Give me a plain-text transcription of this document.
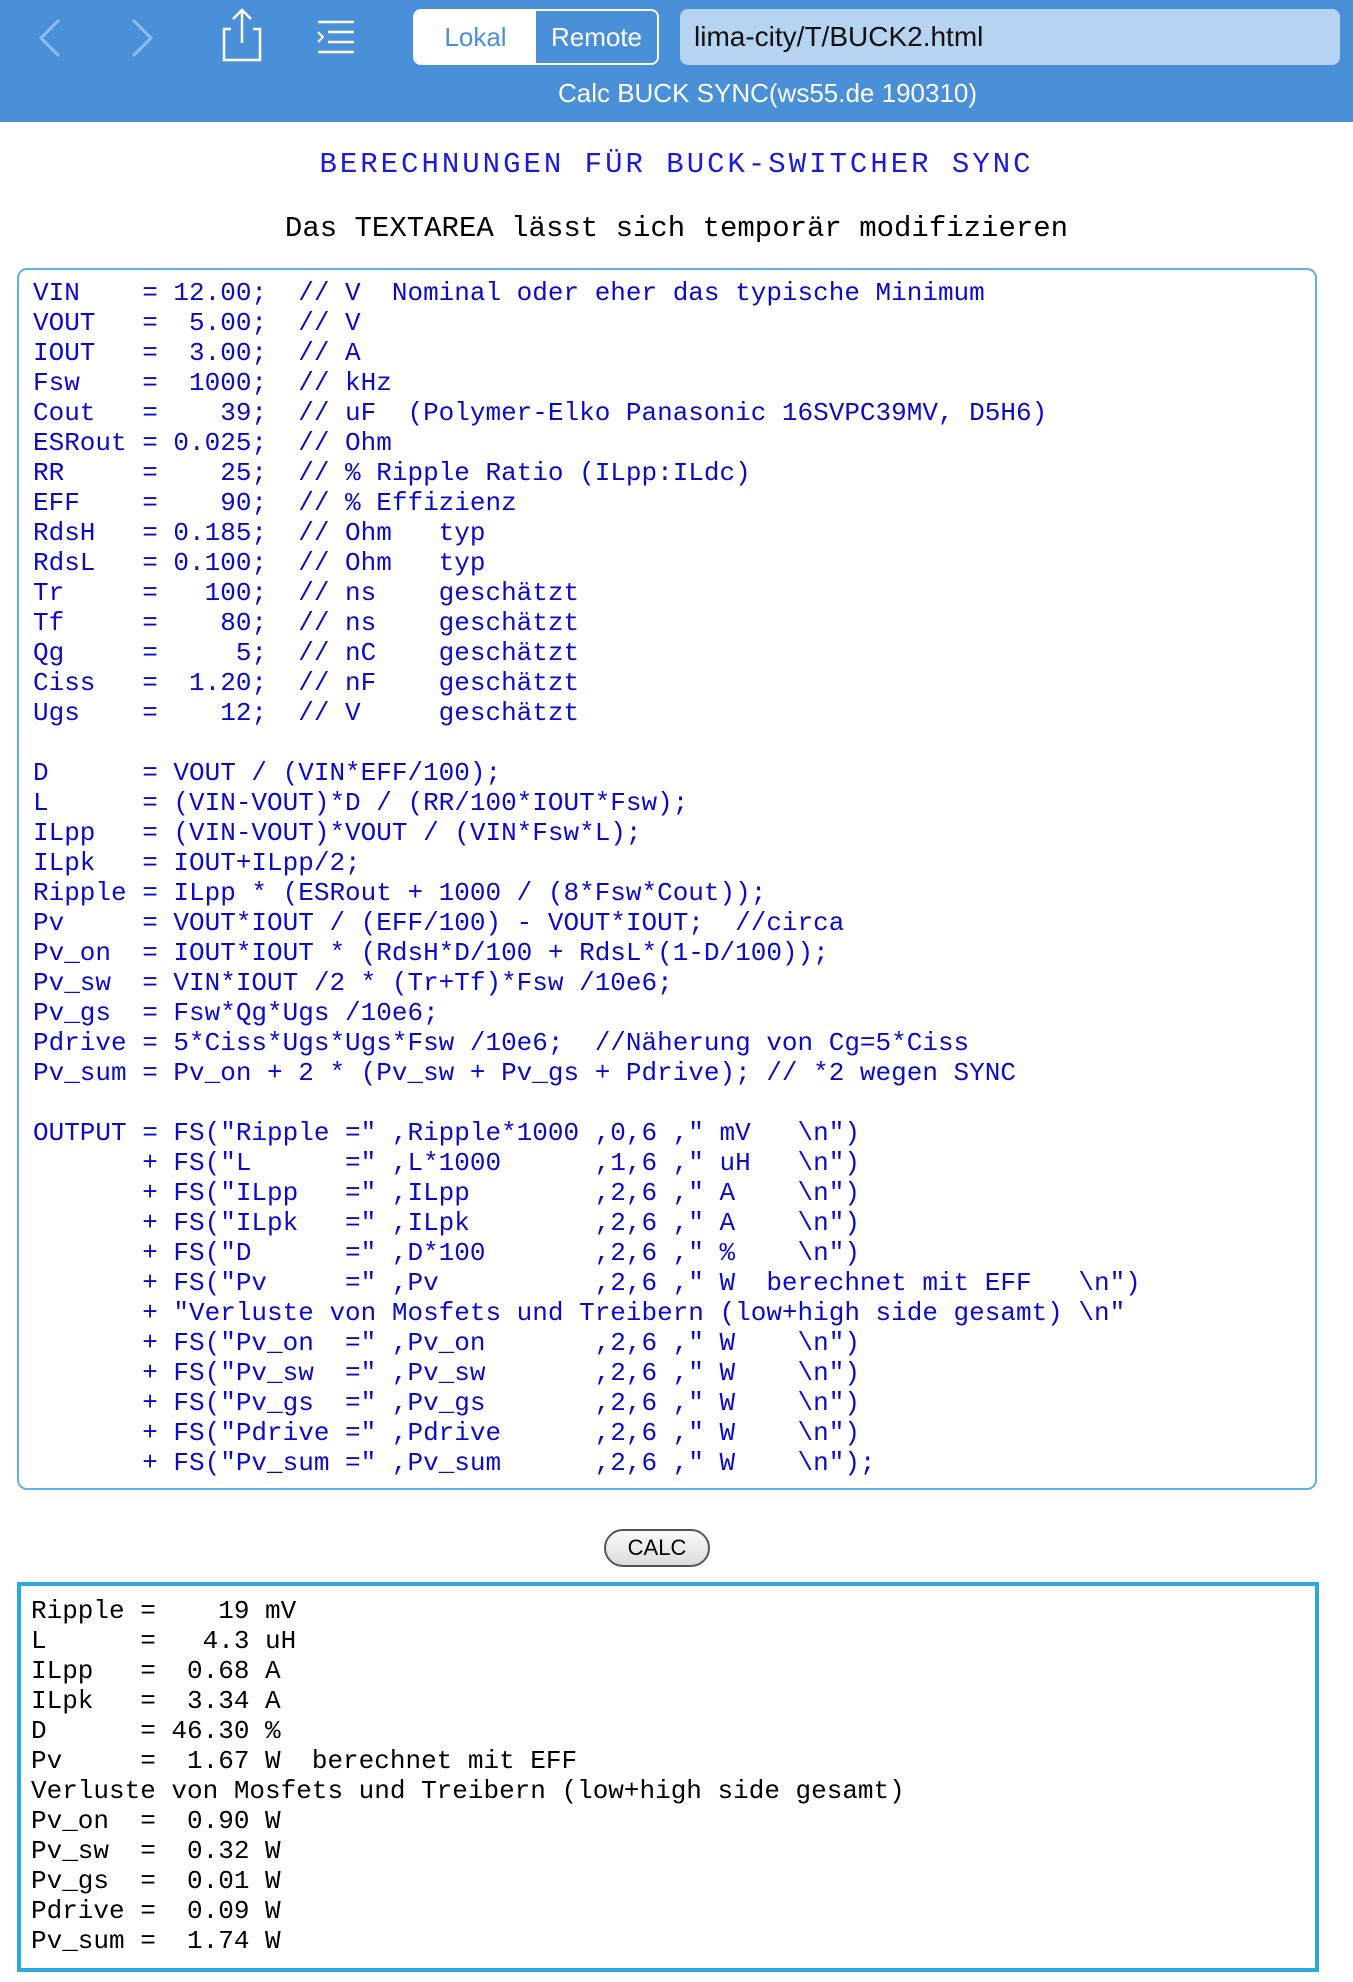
Lokal	Remote	lima-city/T/BUCK2.html
Calc BUCK SYNC(ws55.de 190310)
BERECHNUNGEN FÜR BUCK-SWITCHER SYNC
Das TEXTAREA lässt sich temporär modifizieren
VIN    = 12.00;  // V  Nominal oder eher das typische Minimum
VOUT   =  5.00;  // V
IOUT   =  3.00;  // A
Fsw    =  1000;  // kHz
Cout   =    39;  // uF  (Polymer-Elko Panasonic 16SVPC39MV, D5H6)
ESRout = 0.025;  // Ohm
RR     =    25;  // % Ripple Ratio (ILpp:ILdc)
EFF    =    90;  // % Effizienz
RdsH   = 0.185;  // Ohm   typ
RdsL   = 0.100;  // Ohm   typ
Tr     =   100;  // ns    geschätzt
Tf     =    80;  // ns    geschätzt
Qg     =     5;  // nC    geschätzt
Ciss   =  1.20;  // nF    geschätzt
Ugs    =    12;  // V     geschätzt

D      = VOUT / (VIN*EFF/100);
L      = (VIN-VOUT)*D / (RR/100*IOUT*Fsw);
ILpp   = (VIN-VOUT)*VOUT / (VIN*Fsw*L);
ILpk   = IOUT+ILpp/2;
Ripple = ILpp * (ESRout + 1000 / (8*Fsw*Cout));
Pv     = VOUT*IOUT / (EFF/100) - VOUT*IOUT;  //circa
Pv_on  = IOUT*IOUT * (RdsH*D/100 + RdsL*(1-D/100));
Pv_sw  = VIN*IOUT /2 * (Tr+Tf)*Fsw /10e6;
Pv_gs  = Fsw*Qg*Ugs /10e6;
Pdrive = 5*Ciss*Ugs*Ugs*Fsw /10e6;  //Näherung von Cg=5*Ciss
Pv_sum = Pv_on + 2 * (Pv_sw + Pv_gs + Pdrive); // *2 wegen SYNC

OUTPUT = FS("Ripple =" ,Ripple*1000 ,0,6 ," mV   \n")
+ FS("L      =" ,L*1000      ,1,6 ," uH   \n")
+ FS("ILpp   =" ,ILpp        ,2,6 ," A    \n")
+ FS("ILpk   =" ,ILpk        ,2,6 ," A    \n")
+ FS("D      =" ,D*100       ,2,6 ," %    \n")
+ FS("Pv     =" ,Pv          ,2,6 ," W  berechnet mit EFF   \n")
+ "Verluste von Mosfets und Treibern (low+high side gesamt) \n"
+ FS("Pv_on  =" ,Pv_on       ,2,6 ," W    \n")
+ FS("Pv_sw  =" ,Pv_sw       ,2,6 ," W    \n")
+ FS("Pv_gs  =" ,Pv_gs       ,2,6 ," W    \n")
+ FS("Pdrive =" ,Pdrive      ,2,6 ," W    \n")
+ FS("Pv_sum =" ,Pv_sum      ,2,6 ," W    \n");
CALC
Ripple =    19 mV
L      =   4.3 uH
ILpp   =  0.68 A
ILpk   =  3.34 A
D      = 46.30 %
Pv     =  1.67 W  berechnet mit EFF
Verluste von Mosfets und Treibern (low+high side gesamt)
Pv_on  =  0.90 W
Pv_sw  =  0.32 W
Pv_gs  =  0.01 W
Pdrive =  0.09 W
Pv_sum =  1.74 W
